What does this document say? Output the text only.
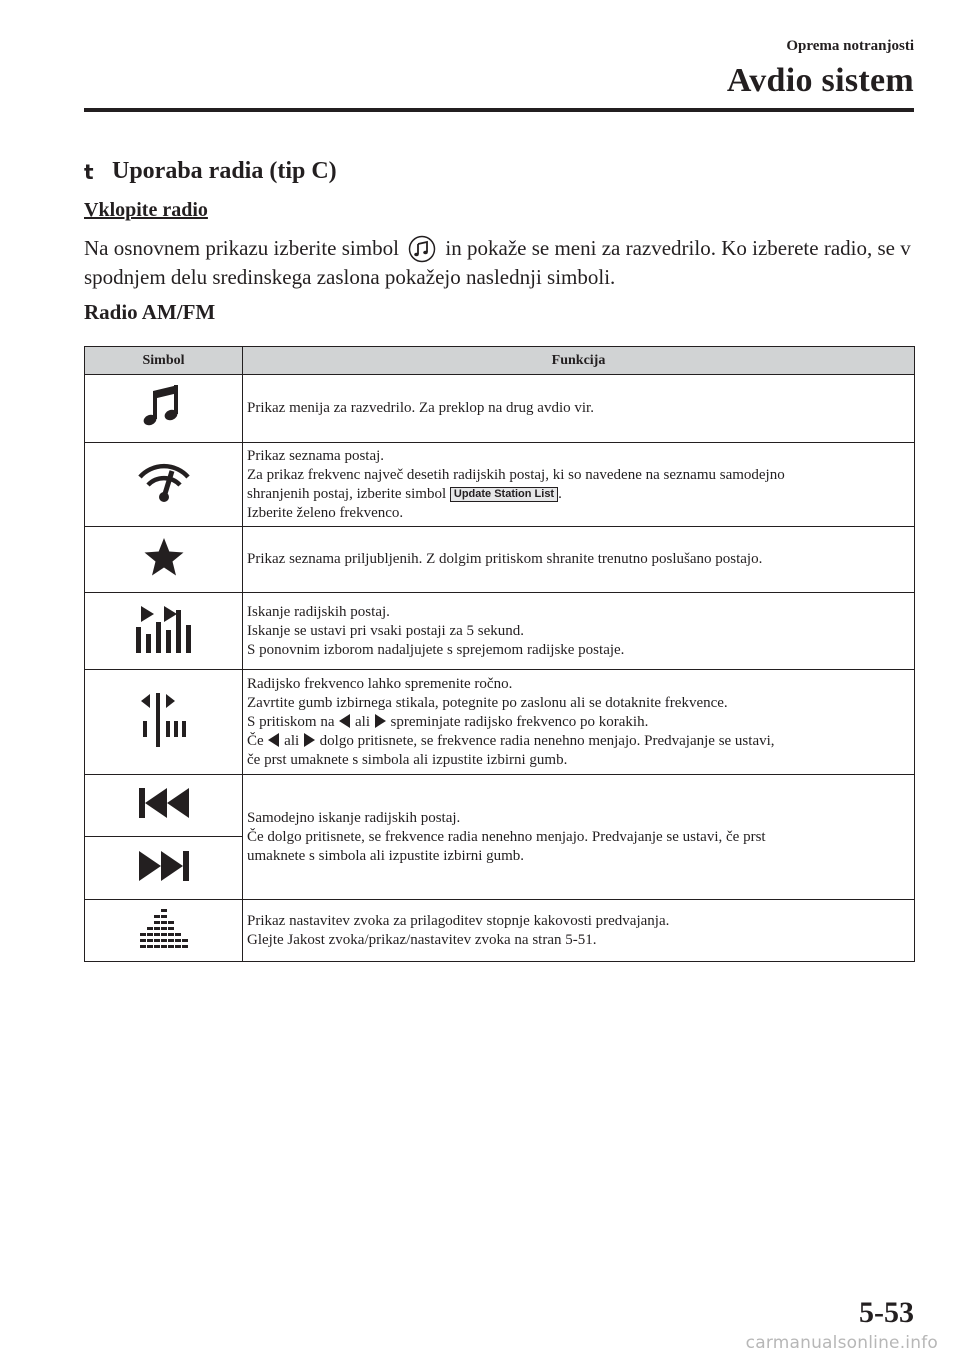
Oprema notranjosti
Avdio sistem
t Uporaba radia (tip C)
Vklopite radio
Na osnovnem prikazu izberite simbol in pokaže se meni za razvedrilo. Ko izberete radio, se v spodnjem delu sredinskega zaslona pokažejo naslednji simboli.
Radio AM/FM
Simbol	Funkcija

Prikaz menija za razvedrilo. Za preklop na drug avdio vir.

Prikaz seznama postaj.
Za prikaz frekvenc največ desetih radijskih postaj, ki so navedene na seznamu samodejno
shranjenih postaj, izberite simbol Update Station List .
Izberite želeno frekvenco.

Prikaz seznama priljubljenih. Z dolgim pritiskom shranite trenutno poslušano postajo.

Iskanje radijskih postaj.
Iskanje se ustavi pri vsaki postaji za 5 sekund.
S ponovnim izborom nadaljujete s sprejemom radijske postaje.

Radijsko frekvenco lahko spremenite ročno.
Zavrtite gumb izbirnega stikala, potegnite po zaslonu ali se dotaknite frekvence.
S pritiskom na ali spreminjate radijsko frekvenco po korakih.
Če ali dolgo pritisnete, se frekvence radia nenehno menjajo. Predvajanje se ustavi,
če prst umaknete s simbola ali izpustite izbirni gumb.

Samodejno iskanje radijskih postaj.
Če dolgo pritisnete, se frekvence radia nenehno menjajo. Predvajanje se ustavi, če prst
umaknete s simbola ali izpustite izbirni gumb.

Prikaz nastavitev zvoka za prilagoditev stopnje kakovosti predvajanja.
Glejte Jakost zvoka/prikaz/nastavitev zvoka na stran 5-51.
5-53
carmanualsonline.info
